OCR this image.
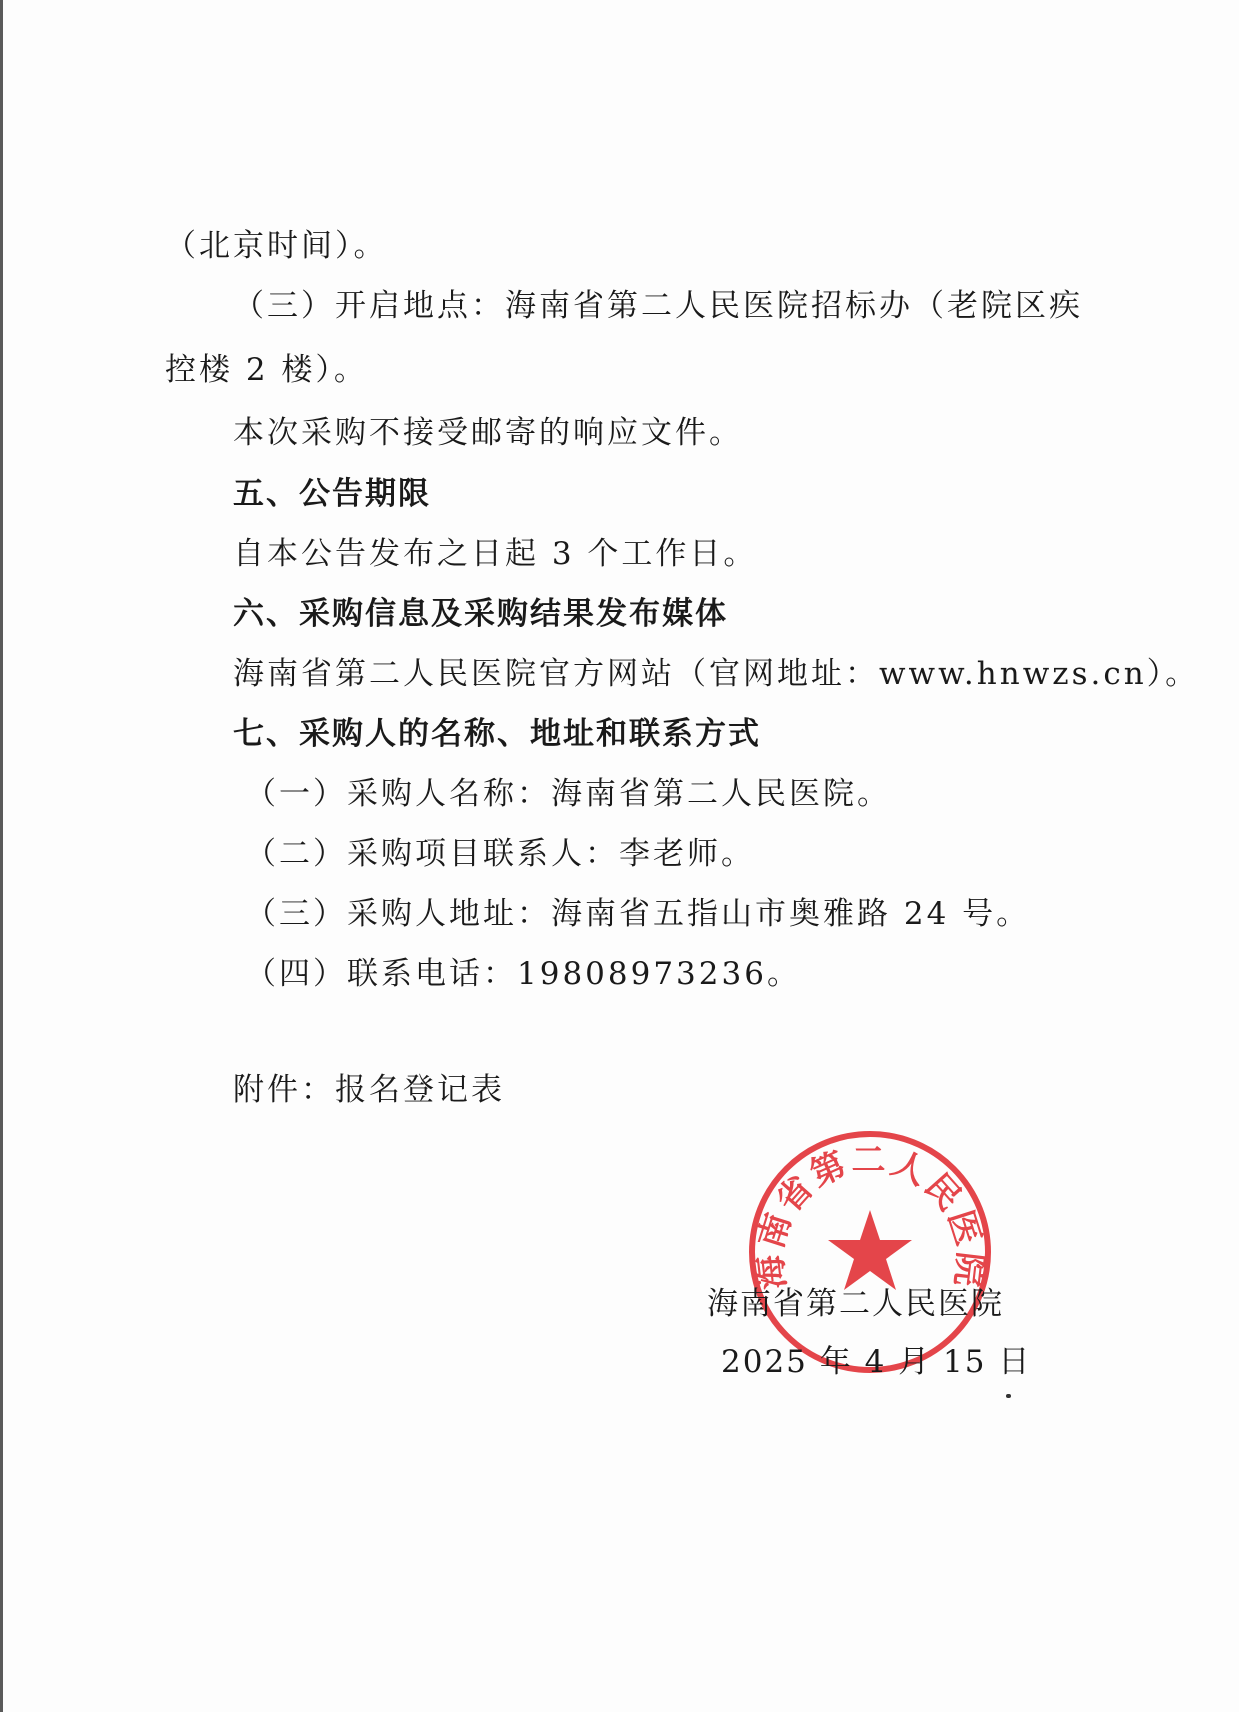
（北京时间）。
（三）开启地点：海南省第二人民医院招标办（老院区疾
控楼 2 楼）。
本次采购不接受邮寄的响应文件。
五、公告期限
自本公告发布之日起 3 个工作日。
六、采购信息及采购结果发布媒体
海南省第二人民医院官方网站（官网地址：www.hnwzs.cn）。
七、采购人的名称、地址和联系方式
（一）采购人名称：海南省第二人民医院。
（二）采购项目联系人：李老师。
（三）采购人地址：海南省五指山市奥雅路 24 号。
（四）联系电话：19808973236。
附件：报名登记表
海南省第二人民医院
海南省第二人民医院
2025 年 4 月 15 日
